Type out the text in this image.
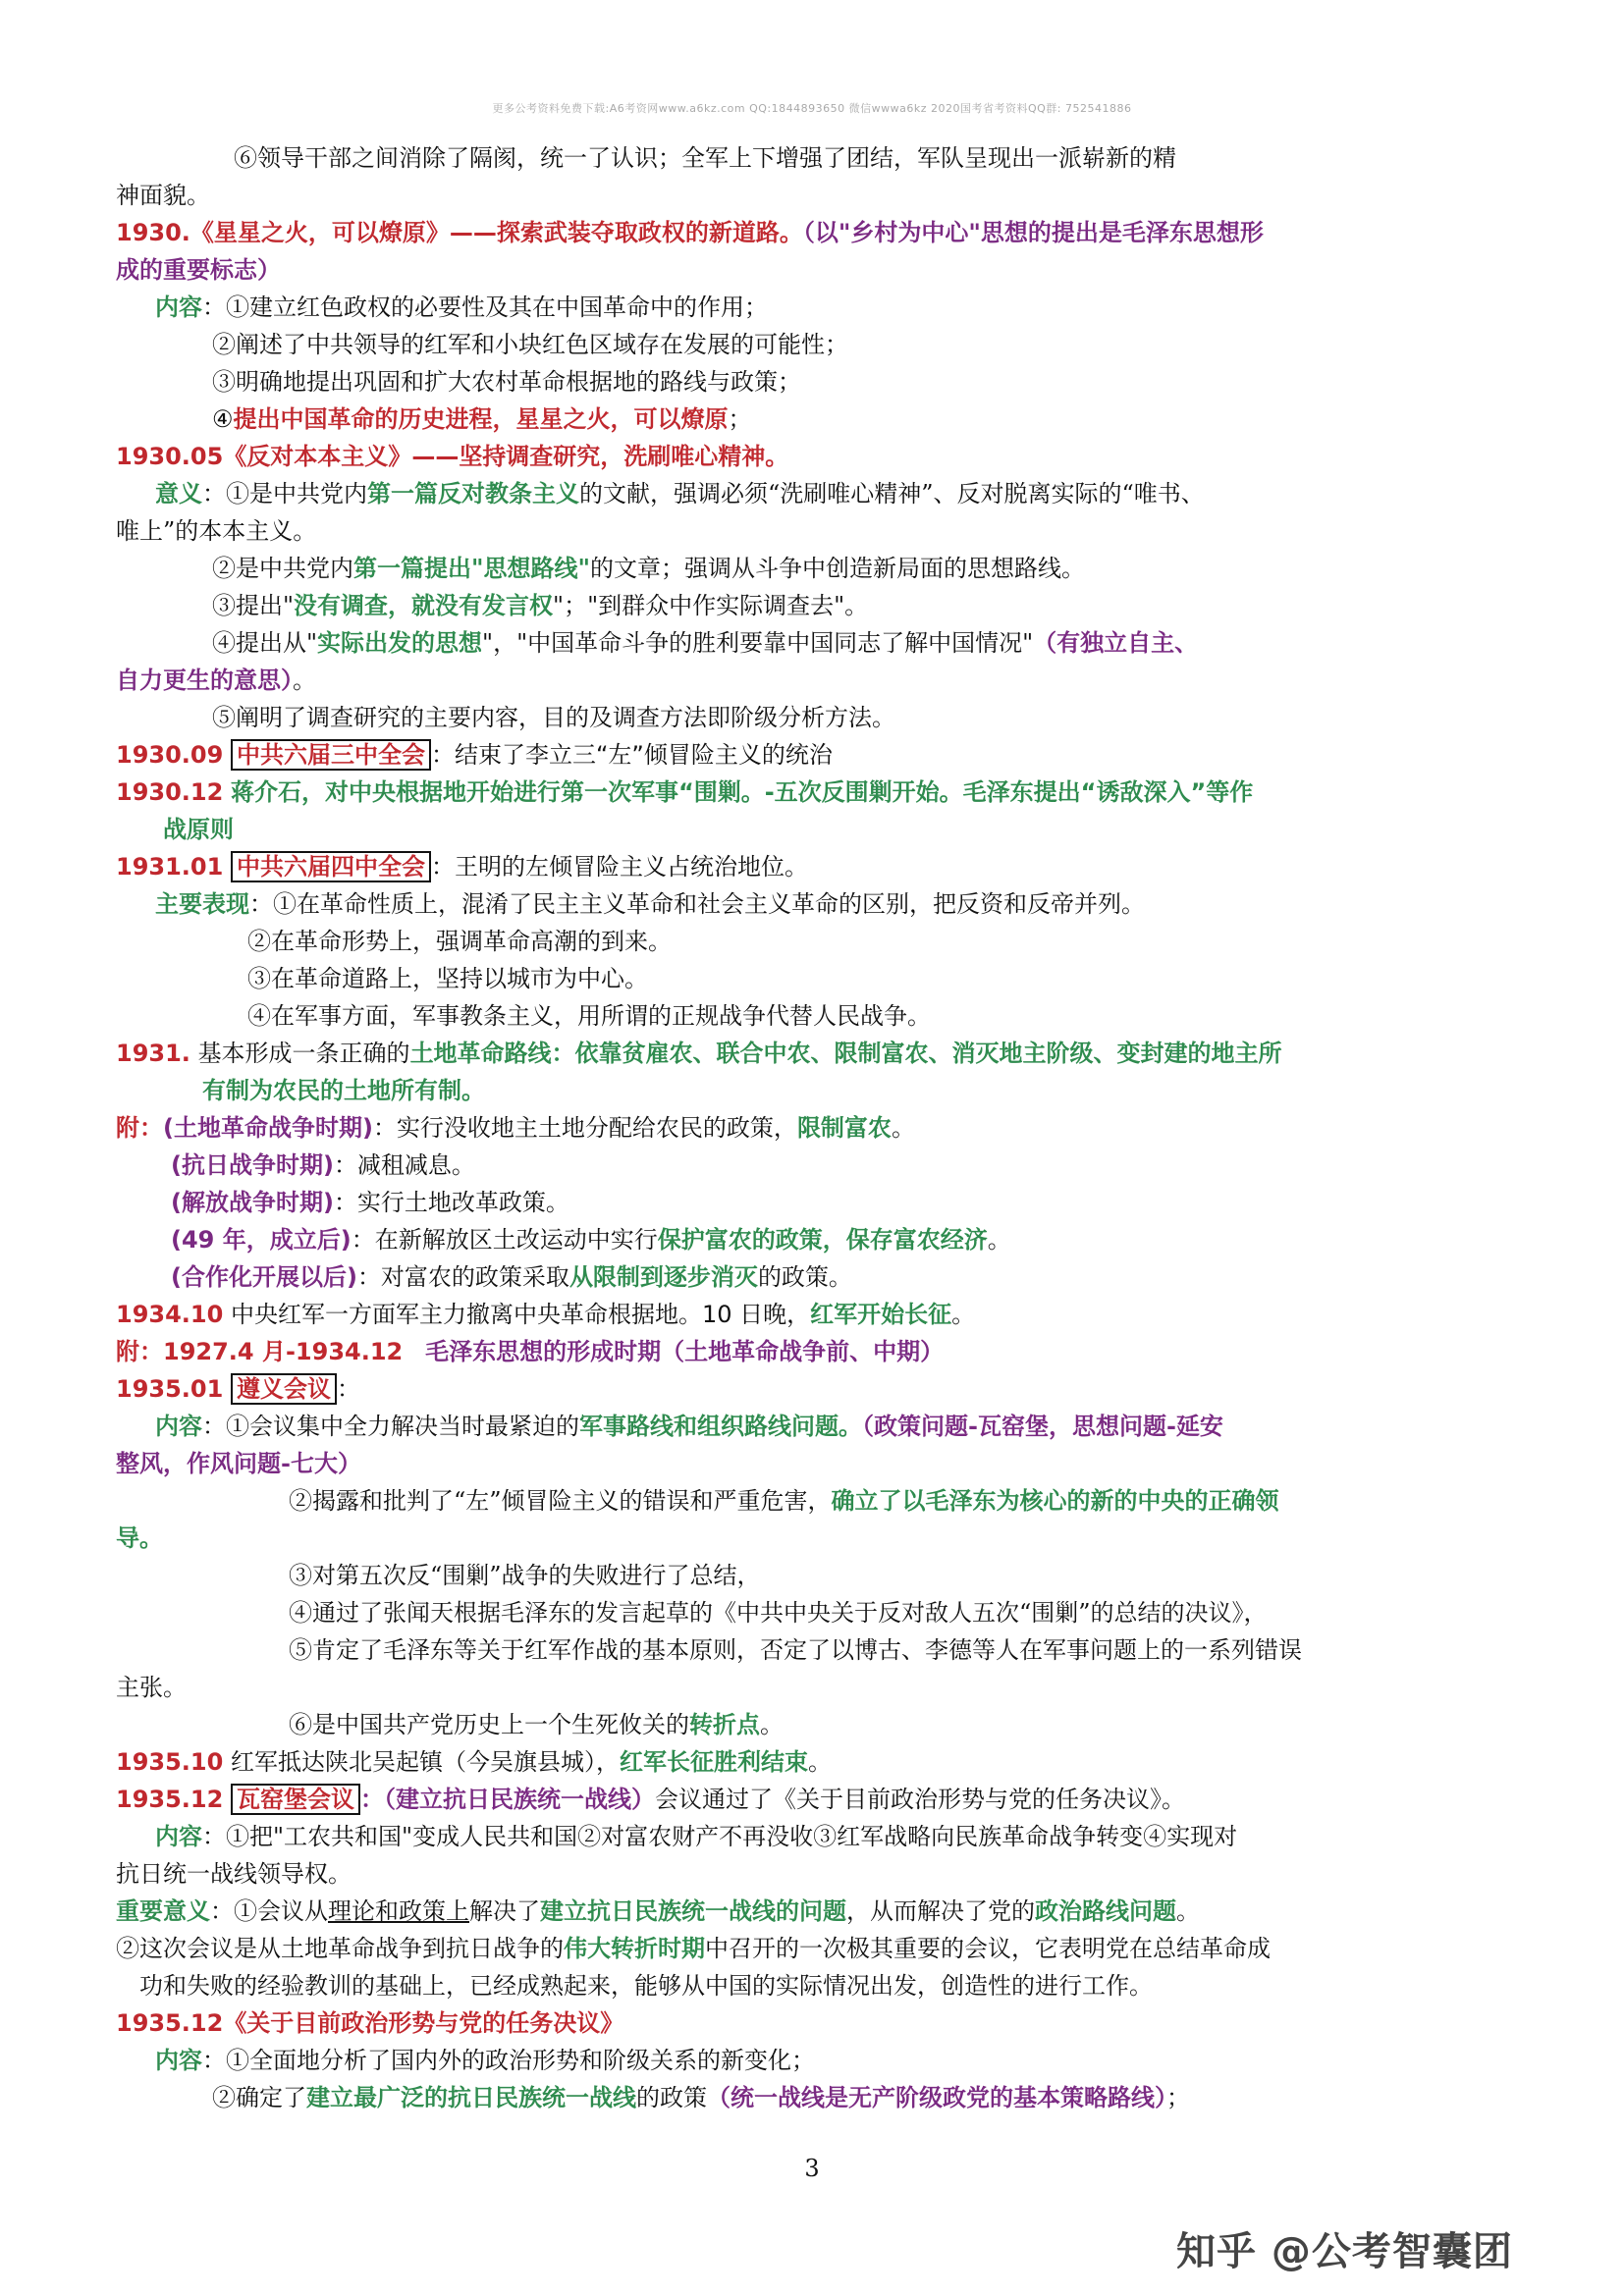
更多公考资料免费下载:A6考资网www.a6kz.com QQ:1844893650 微信wwwa6kz 2020国考省考资料QQ群: 752541886
⑥领导干部之间消除了隔阂，统一了认识；全军上下增强了团结，军队呈现出一派崭新的精
神面貌。
1930.《星星之火，可以燎原》——探索武装夺取政权的新道路。（以"乡村为中心"思想的提出是毛泽东思想形
成的重要标志）
内容：①建立红色政权的必要性及其在中国革命中的作用；
②阐述了中共领导的红军和小块红色区域存在发展的可能性；
③明确地提出巩固和扩大农村革命根据地的路线与政策；
④提出中国革命的历史进程，星星之火，可以燎原；
1930.05《反对本本主义》——坚持调查研究，洗刷唯心精神。
意义：①是中共党内第一篇反对教条主义的文献，强调必须“洗刷唯心精神”、反对脱离实际的“唯书、
唯上”的本本主义。
②是中共党内第一篇提出"思想路线"的文章；强调从斗争中创造新局面的思想路线。
③提出"没有调查，就没有发言权"；"到群众中作实际调查去"。
④提出从"实际出发的思想"，"中国革命斗争的胜利要靠中国同志了解中国情况"（有独立自主、
自力更生的意思）。
⑤阐明了调查研究的主要内容，目的及调查方法即阶级分析方法。
1930.09 中共六届三中全会 ：结束了李立三“左”倾冒险主义的统治
1930.12 蒋介石，对中央根据地开始进行第一次军事“围剿。-五次反围剿开始。毛泽东提出“诱敌深入”等作
战原则
1931.01 中共六届四中全会 ：王明的左倾冒险主义占统治地位。
主要表现：①在革命性质上，混淆了民主主义革命和社会主义革命的区别，把反资和反帝并列。
②在革命形势上，强调革命高潮的到来。
③在革命道路上，坚持以城市为中心。
④在军事方面，军事教条主义，用所谓的正规战争代替人民战争。
1931. 基本形成一条正确的土地革命路线：依靠贫雇农、联合中农、限制富农、消灭地主阶级、变封建的地主所
有制为农民的土地所有制。
附：(土地革命战争时期)：实行没收地主土地分配给农民的政策，限制富农。
(抗日战争时期)：减租减息。
(解放战争时期)：实行土地改革政策。
(49 年，成立后)：在新解放区土改运动中实行保护富农的政策，保存富农经济。
(合作化开展以后)：对富农的政策采取从限制到逐步消灭的政策。
1934.10 中央红军一方面军主力撤离中央革命根据地。10 日晚，红军开始长征。
附：1927.4 月-1934.12 毛泽东思想的形成时期（土地革命战争前、中期）
1935.01 遵义会议 ：
内容：①会议集中全力解决当时最紧迫的军事路线和组织路线问题。（政策问题-瓦窑堡，思想问题-延安
整风，作风问题-七大）
②揭露和批判了“左”倾冒险主义的错误和严重危害，确立了以毛泽东为核心的新的中央的正确领
导。
③对第五次反“围剿”战争的失败进行了总结，
④通过了张闻天根据毛泽东的发言起草的《中共中央关于反对敌人五次“围剿”的总结的决议》，
⑤肯定了毛泽东等关于红军作战的基本原则，否定了以博古、李德等人在军事问题上的一系列错误
主张。
⑥是中国共产党历史上一个生死攸关的转折点。
1935.10 红军抵达陕北吴起镇（今吴旗县城），红军长征胜利结束。
1935.12 瓦窑堡会议 ：（建立抗日民族统一战线）会议通过了《关于目前政治形势与党的任务决议》。
内容：①把"工农共和国"变成人民共和国②对富农财产不再没收③红军战略向民族革命战争转变④实现对
抗日统一战线领导权。
重要意义：①会议从理论和政策上解决了建立抗日民族统一战线的问题，从而解决了党的政治路线问题。
②这次会议是从土地革命战争到抗日战争的伟大转折时期中召开的一次极其重要的会议，它表明党在总结革命成
功和失败的经验教训的基础上，已经成熟起来，能够从中国的实际情况出发，创造性的进行工作。
1935.12《关于目前政治形势与党的任务决议》
内容：①全面地分析了国内外的政治形势和阶级关系的新变化；
②确定了建立最广泛的抗日民族统一战线的政策（统一战线是无产阶级政党的基本策略路线）；
3
知乎 @公考智囊团
